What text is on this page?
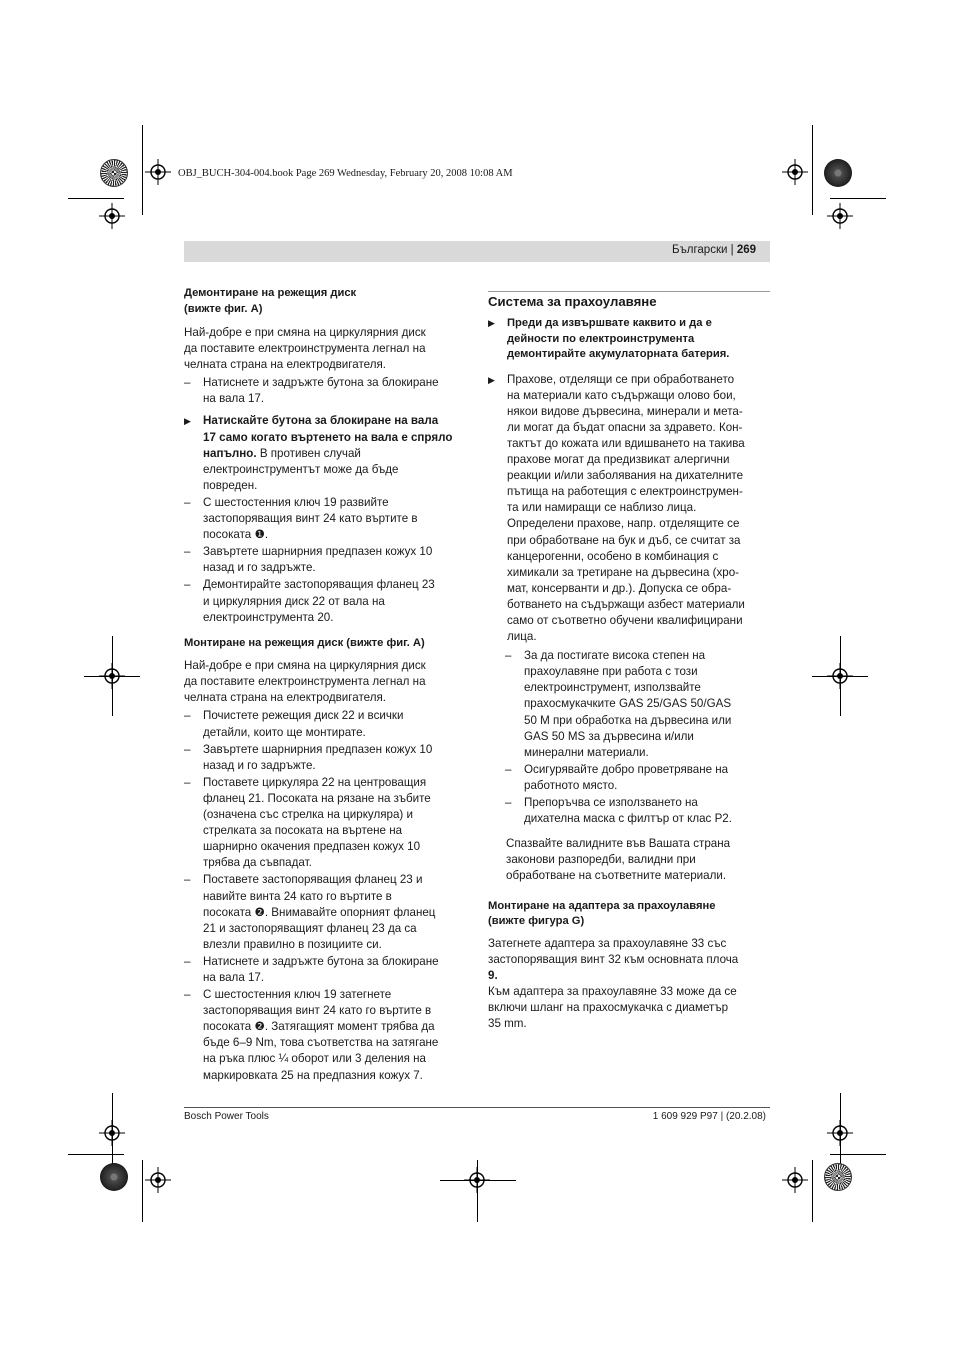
OBJ_BUCH-304-004.book Page 269 Wednesday, February 20, 2008 10:08 AM
Български | 269
Демонтиране на режещия диск
(вижте фиг. A)
Най-добре е при смяна на циркулярния диск
да поставите електроинструмента легнал на
челната страна на електродвигателя.
– Натиснете и задръжте бутона за блокиране
на вала 17.
▶ Натискайте бутона за блокиране на вала
17 само когато въртенето на вала е спряло
напълно. В противен случай
електроинструментът може да бъде
повреден.
– С шестостенния ключ 19 развийте
застопоряващия винт 24 като въртите в
посоката ❶.
– Завъртете шарнирния предпазен кожух 10
назад и го задръжте.
– Демонтирайте застопоряващия фланец 23
и циркулярния диск 22 от вала на
електроинструмента 20.
Монтиране на режещия диск (вижте фиг. A)
Най-добре е при смяна на циркулярния диск
да поставите електроинструмента легнал на
челната страна на електродвигателя.
– Почистете режещия диск 22 и всички
детайли, които ще монтирате.
– Завъртете шарнирния предпазен кожух 10
назад и го задръжте.
– Поставете циркуляра 22 на центроващия
фланец 21. Посоката на рязане на зъбите
(означена със стрелка на циркуляра) и
стрелката за посоката на въртене на
шарнирно окачения предпазен кожух 10
трябва да съвпадат.
– Поставете застопоряващия фланец 23 и
навийте винта 24 като го въртите в
посоката ❷. Внимавайте опорният фланец
21 и застопоряващият фланец 23 да са
влезли правилно в позициите си.
– Натиснете и задръжте бутона за блокиране
на вала 17.
– С шестостенния ключ 19 затегнете
застопоряващия винт 24 като го въртите в
посоката ❷. Затягащият момент трябва да
бъде 6–9 Nm, това съответства на затягане
на ръка плюс ¼ оборот или 3 деления на
маркировката 25 на предпазния кожух 7.
Система за прахоулавяне
▶ Преди да извършвате каквито и да е
дейности по електроинструмента
демонтирайте акумулаторната батерия.
▶ Прахове, отделящи се при обработването
на материали като съдържащи олово бои,
някои видове дървесина, минерали и мета-
ли могат да бъдат опасни за здравето. Кон-
тактът до кожата или вдишването на такива
прахове могат да предизвикат алергични
реакции и/или заболявания на дихателните
пътища на работещия с електроинструмен-
та или намиращи се наблизо лица.
Определени прахове, напр. отделящите се
при обработване на бук и дъб, се считат за
канцерогенни, особено в комбинация с
химикали за третиране на дървесина (хро-
мат, консерванти и др.). Допуска се обра-
ботването на съдържащи азбест материали
само от съответно обучени квалифицирани
лица.
– За да постигате висока степен на
прахоулавяне при работа с този
електроинструмент, използвайте
прахосмукачките GAS 25/GAS 50/GAS
50 M при обработка на дървесина или
GAS 50 MS за дървесина и/или
минерални материали.
– Осигурявайте добро проветряване на
работното място.
– Препоръчва се използването на
дихателна маска с филтър от клас P2.
Спазвайте валидните във Вашата страна
законови разпоредби, валидни при
обработване на съответните материали.
Монтиране на адаптера за прахоулавяне
(вижте фигура G)
Затегнете адаптера за прахоулавяне 33 със
застопоряващия винт 32 към основната плоча
9.
Към адаптера за прахоулавяне 33 може да се
включи шланг на прахосмукачка с диаметър
35 mm.
Bosch Power Tools	1 609 929 P97 | (20.2.08)
